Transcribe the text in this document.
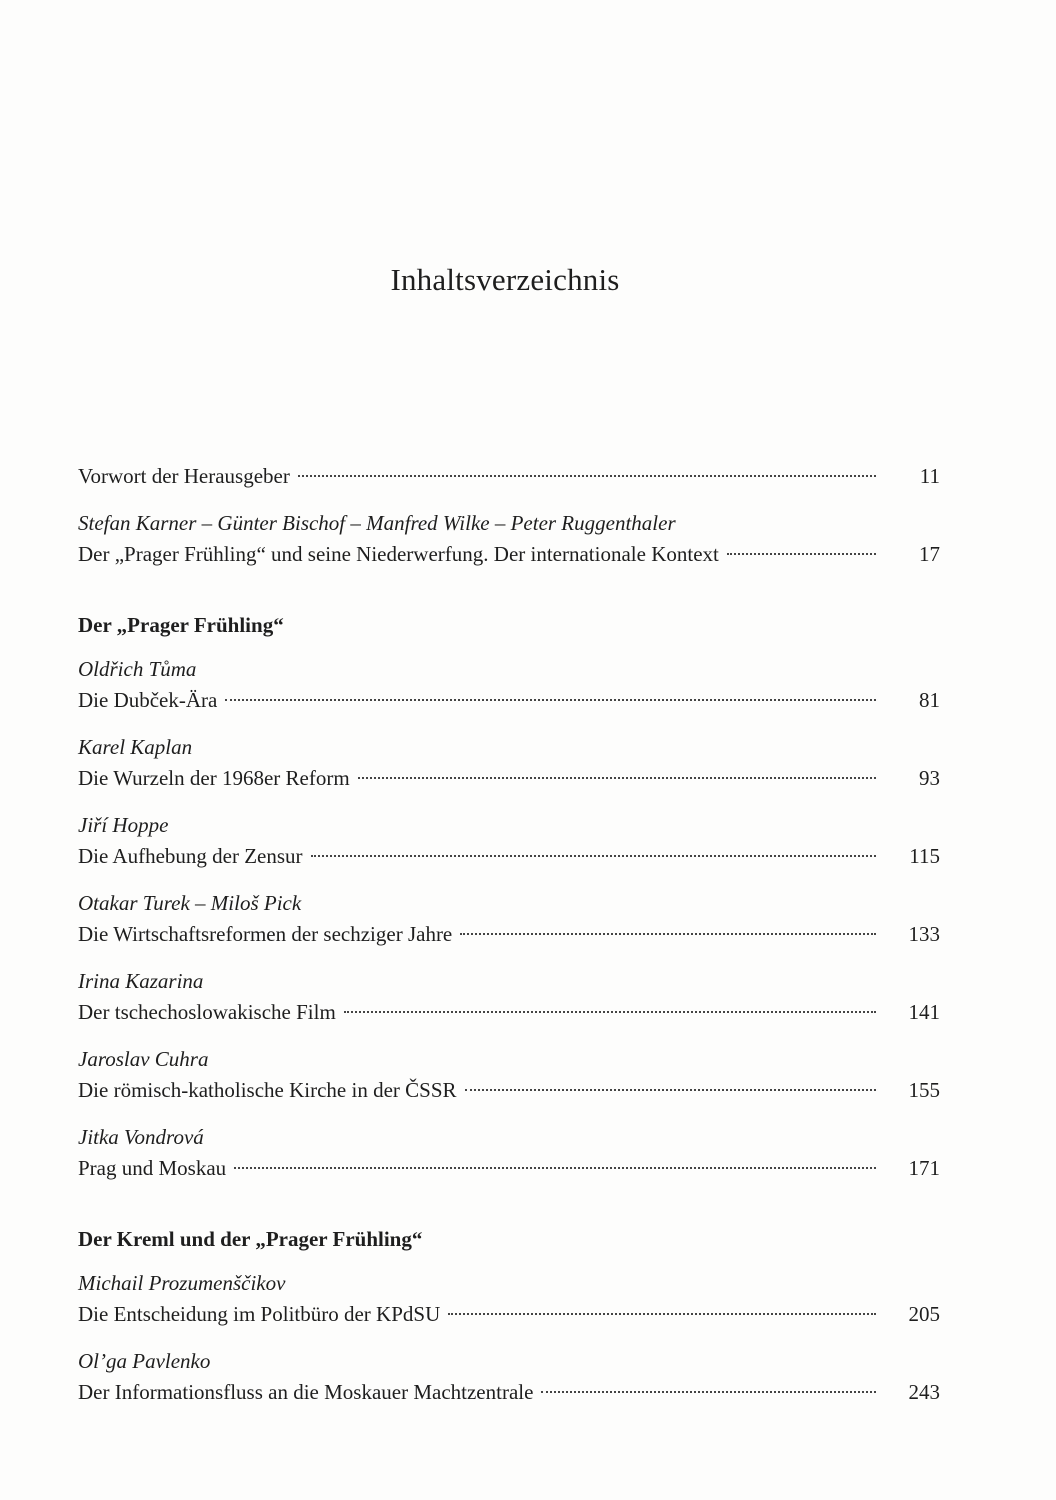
Inhaltsverzeichnis
Vorwort der Herausgeber	11
Stefan Karner – Günter Bischof – Manfred Wilke – Peter Ruggenthaler
Der „Prager Frühling“ und seine Niederwerfung. Der internationale Kontext	17
Der „Prager Frühling“
Oldřich Tůma
Die Dubček-Ära	81
Karel Kaplan
Die Wurzeln der 1968er Reform	93
Jiří Hoppe
Die Aufhebung der Zensur	115
Otakar Turek – Miloš Pick
Die Wirtschaftsreformen der sechziger Jahre	133
Irina Kazarina
Der tschechoslowakische Film	141
Jaroslav Cuhra
Die römisch-katholische Kirche in der ČSSR	155
Jitka Vondrová
Prag und Moskau	171
Der Kreml und der „Prager Frühling“
Michail Prozumenščikov
Die Entscheidung im Politbüro der KPdSU	205
Ol’ga Pavlenko
Der Informationsfluss an die Moskauer Machtzentrale	243
